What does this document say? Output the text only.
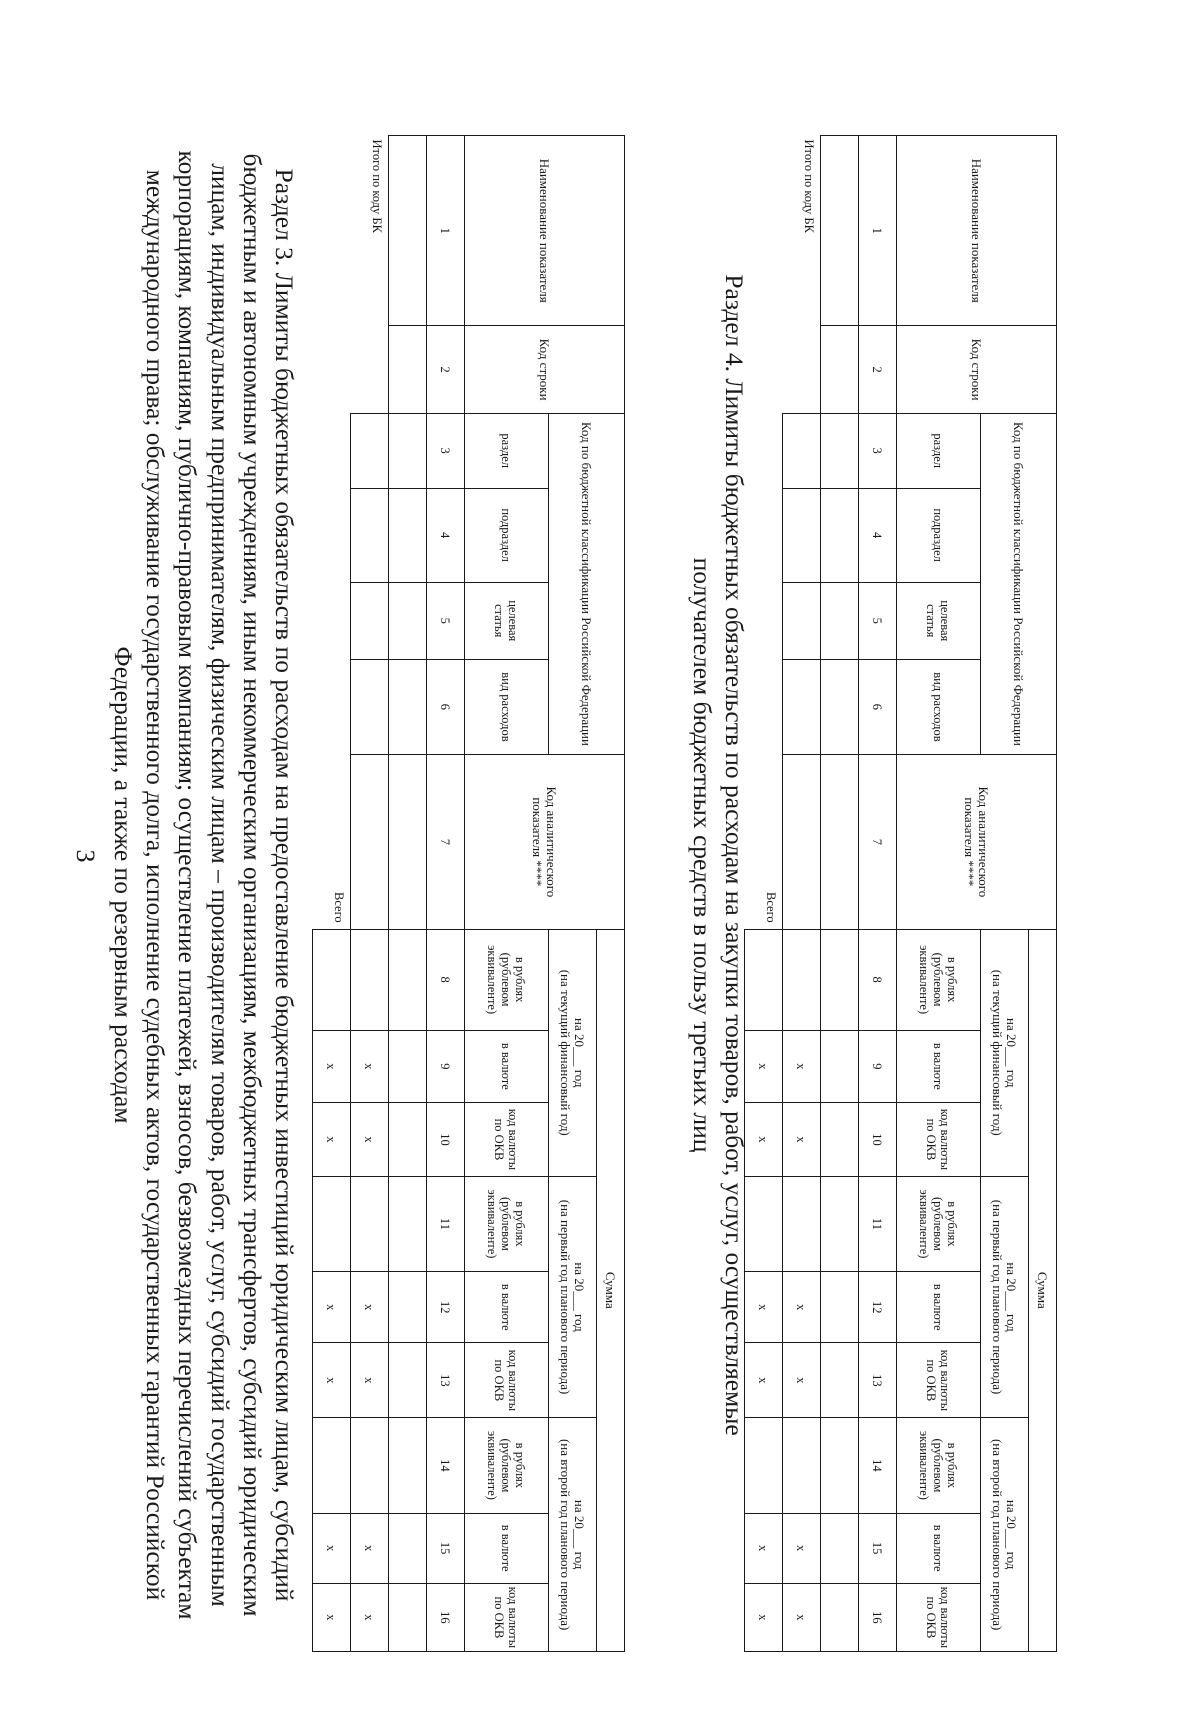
3	Раздел 3. Лимиты бюджетных обязательств по расходам на предоставление бюджетных инвестиций юридическим лицам, субсидий бюджетным и автономным учреждениям, иным некоммерческим организациям, межбюджетных трансфертов, субсидий юридическим лицам, индивидуальным предпринимателям, физическим лицам – производителям товаров, работ, услуг, субсидий государственным корпорациям, компаниям, публично-правовым компаниям; осуществление платежей, взносов, безвозмездных перечислений субъектам международного права; обслуживание государственного долга, исполнение судебных актов, государственных гарантий Российской Федерации, а также по резервным расходам

Наименование показателя	Код строки	Код по бюджетной классификации Российской Федерации				Код аналитического показателя ****	Сумма								
							на 20___ год
(на текущий финансовый год)			на 20___ год
(на первый год планового периода)			на 20___ год
(на второй год планового периода)		
		раздел	подраздел	целевая статья	вид расходов		в рублях (рублевом эквиваленте)	в валюте	код валюты по ОКВ	в рублях (рублевом эквиваленте)	в валюте	код валюты по ОКВ	в рублях (рублевом эквиваленте)	в валюте	код валюты по ОКВ
1	2	3	4	5	6	7	8	9	10	11	12	13	14	15	16

Итого по коду БК								x	x		x	x		x	x
						Всего		x	x		x	x		x	x

Раздел 4. Лимиты бюджетных обязательств по расходам на закупки товаров, работ, услуг, осуществляемые получателем бюджетных средств в пользу третьих лиц

Наименование показателя	Код строки	Код по бюджетной классификации Российской Федерации				Код аналитического показателя ****	Сумма								
							на 20___ год
(на текущий финансовый год)			на 20___ год
(на первый год планового периода)			на 20___ год
(на второй год планового периода)		
		раздел	подраздел	целевая статья	вид расходов		в рублях (рублевом эквиваленте)	в валюте	код валюты по ОКВ	в рублях (рублевом эквиваленте)	в валюте	код валюты по ОКВ	в рублях (рублевом эквиваленте)	в валюте	код валюты по ОКВ
1	2	3	4	5	6	7	8	9	10	11	12	13	14	15	16

Итого по коду БК								x	x		x	x		x	x
						Всего		x	x		x	x		x	x
